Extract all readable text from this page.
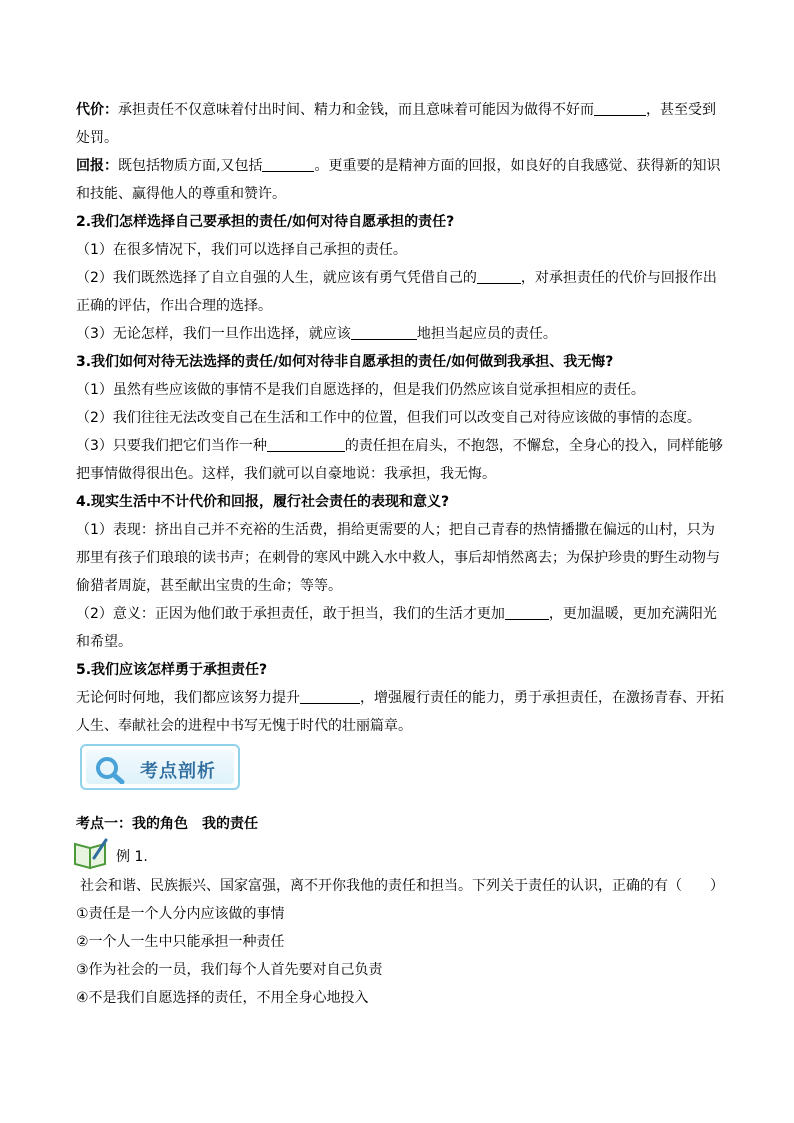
代价：承担责任不仅意味着付出时间、精力和金钱，而且意味着可能因为做得不好而	，甚至受到处罚。

回报：既包括物质方面,又包括	。更重要的是精神方面的回报，如良好的自我感觉、获得新的知识和技能、赢得他人的尊重和赞许。

2.我们怎样选择自己要承担的责任/如何对待自愿承担的责任?

（1）在很多情况下，我们可以选择自己承担的责任。

（2）我们既然选择了自立自强的人生，就应该有勇气凭借自己的	，对承担责任的代价与回报作出正确的评估，作出合理的选择。

（3）无论怎样，我们一旦作出选择，就应该	地担当起应员的责任。

3.我们如何对待无法选择的责任/如何对待非自愿承担的责任/如何做到我承担、我无悔?

（1）虽然有些应该做的事情不是我们自愿选择的，但是我们仍然应该自觉承担相应的责任。

（2）我们往往无法改变自己在生活和工作中的位置，但我们可以改变自己对待应该做的事情的态度。

（3）只要我们把它们当作一种	的责任担在肩头，不抱怨，不懈怠，全身心的投入，同样能够把事情做得很出色。这样，我们就可以自豪地说：我承担，我无悔。

4.现实生活中不计代价和回报，履行社会责任的表现和意义?

（1）表现：挤出自己并不充裕的生活费，捐给更需要的人；把自己青春的热情播撒在偏远的山村，只为那里有孩子们琅琅的读书声；在刺骨的寒风中跳入水中救人，事后却悄然离去；为保护珍贵的野生动物与偷猎者周旋，甚至献出宝贵的生命；等等。

（2）意义：正因为他们敢于承担责任，敢于担当，我们的生活才更加	，更加温暖，更加充满阳光和希望。

5.我们应该怎样勇于承担责任?

无论何时何地，我们都应该努力提升	，增强履行责任的能力，勇于承担责任，在激扬青春、开拓人生、奉献社会的进程中书写无愧于时代的壮丽篇章。

考点剖析

考点一：我的角色　我的责任

例 1.

社会和谐、民族振兴、国家富强，离不开你我他的责任和担当。下列关于责任的认识，正确的有（　　）

①责任是一个人分内应该做的事情

②一个人一生中只能承担一种责任

③作为社会的一员，我们每个人首先要对自己负责

④不是我们自愿选择的责任，不用全身心地投入
